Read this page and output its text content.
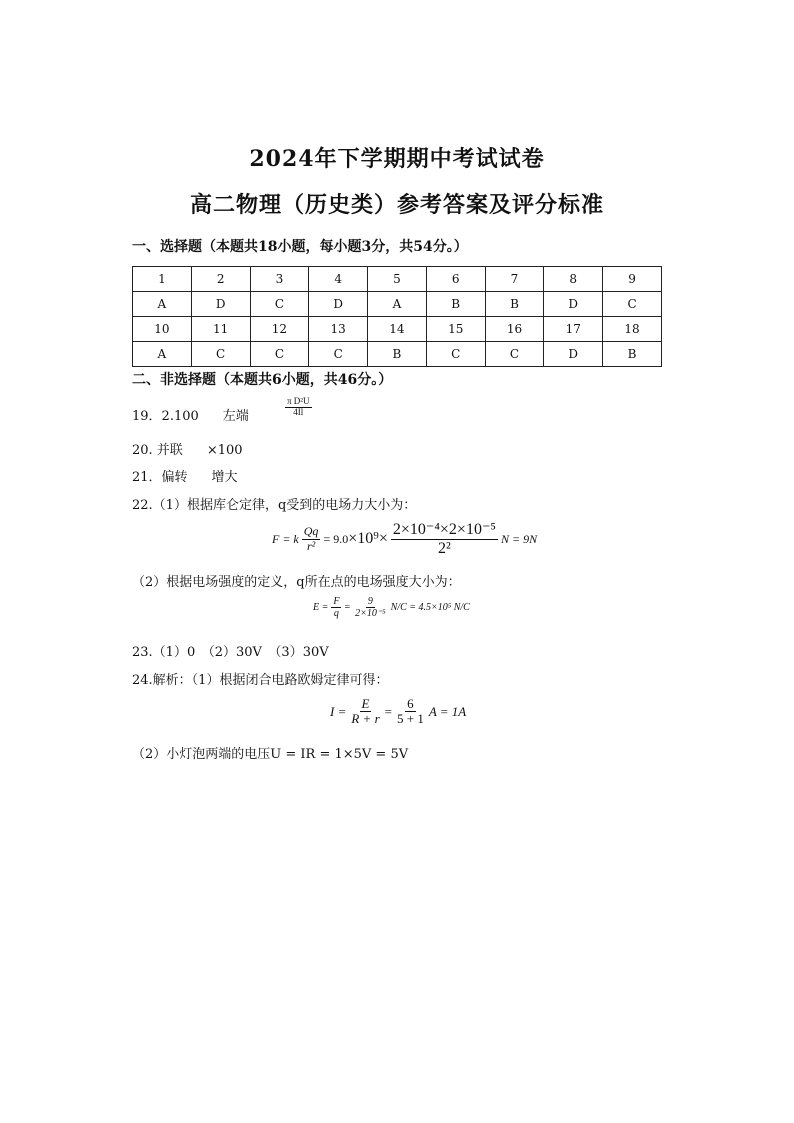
2024年下学期期中考试试卷
高二物理（历史类）参考答案及评分标准
一、选择题（本题共18小题，每小题3分，共54分。）
1	2	3	4	5	6	7	8	9
A	D	C	D	A	B	B	D	C
10	11	12	13	14	15	16	17	18
A	C	C	C	B	C	C	D	B
二、非选择题（本题共6小题，共46分。）
19．2.100 左端	$\frac{\text{π D²U}}{4Il}$
20. 并联 ×100
21．偏转 增大
22.（1）根据库仑定律，q受到的电场力大小为：
F = k $\frac{Qq}{\text{r²}} = 9.0 \times 10^9\times \frac{\text{2×10⁻⁴×2×10⁻⁵}}{\text{2²}}$ N = 9N
（2）根据电场强度的定义，q所在点的电场强度大小为：
$E = \frac{F}{q} = \frac{9}{\text{2×10⁻⁵}} N/C = 4.5\times 10^5$ N/C
23.（1）0　（2）30V　（3）30V
24.解析：（1）根据闭合电路欧姆定律可得：
$I = \frac{E}{R + r} = \frac{6}{5 + 1}$ A = 1A
（2）小灯泡两端的电压U = IR = 1×5V = 5V
